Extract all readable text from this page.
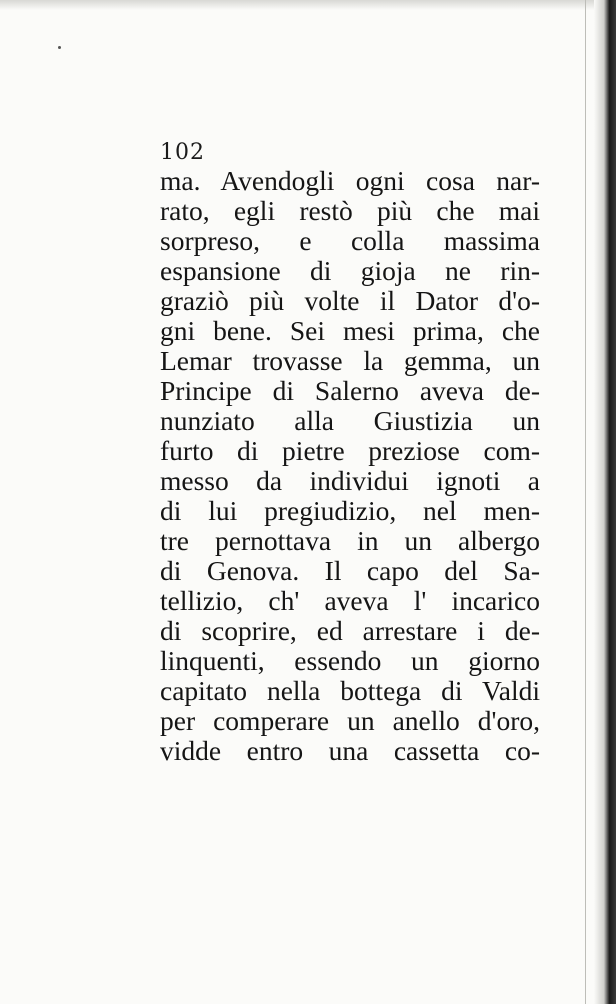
102
ma. Avendogli ogni cosa nar-
rato, egli restò più che mai
sorpreso, e colla massima
espansione di gioja ne rin-
graziò più volte il Dator d'o-
gni bene. Sei mesi prima, che
Lemar trovasse la gemma, un
Principe di Salerno aveva de-
nunziato alla Giustizia un
furto di pietre preziose com-
messo da individui ignoti a
di lui pregiudizio, nel men-
tre pernottava in un albergo
di Genova. Il capo del Sa-
tellizio, ch' aveva l' incarico
di scoprire, ed arrestare i de-
linquenti, essendo un giorno
capitato nella bottega di Valdi
per comperare un anello d'oro,
vidde entro una cassetta co-
